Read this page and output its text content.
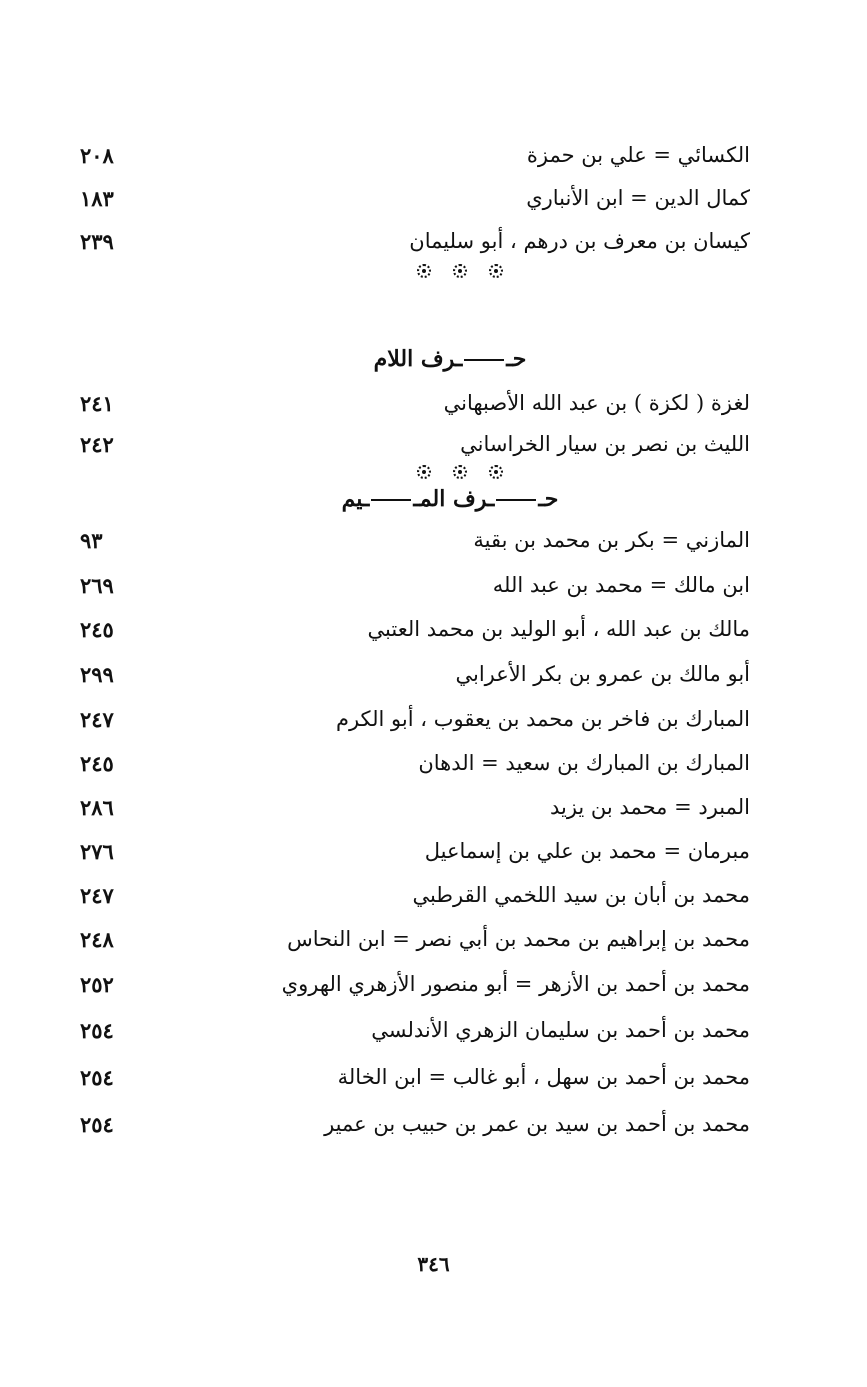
الكسائي = علي بن حمزة
٢٠٨
كمال الدين = ابن الأنباري
١٨٣
كيسان بن معرف بن درهم ، أبو سليمان
٢٣٩
حــرف اللام
لغزة ( لكزة ) بن عبد الله الأصبهاني
٢٤١
الليث بن نصر بن سيار الخراساني
٢٤٢
حــرف المــيم
المازني = بكر بن محمد بن بقية
٩٣
ابن مالك = محمد بن عبد الله
٢٦٩
مالك بن عبد الله ، أبو الوليد بن محمد العتبي
٢٤٥
أبو مالك بن عمرو بن بكر الأعرابي
٢٩٩
المبارك بن فاخر بن محمد بن يعقوب ، أبو الكرم
٢٤٧
المبارك بن المبارك بن سعيد = الدهان
٢٤٥
المبرد = محمد بن يزيد
٢٨٦
مبرمان = محمد بن علي بن إسماعيل
٢٧٦
محمد بن أبان بن سيد اللخمي القرطبي
٢٤٧
محمد بن إبراهيم بن محمد بن أبي نصر = ابن النحاس
٢٤٨
محمد بن أحمد بن الأزهر = أبو منصور الأزهري الهروي
٢٥٢
محمد بن أحمد بن سليمان الزهري الأندلسي
٢٥٤
محمد بن أحمد بن سهل ، أبو غالب = ابن الخالة
٢٥٤
محمد بن أحمد بن سيد بن عمر بن حبيب بن عمير
٢٥٤
٣٤٦
